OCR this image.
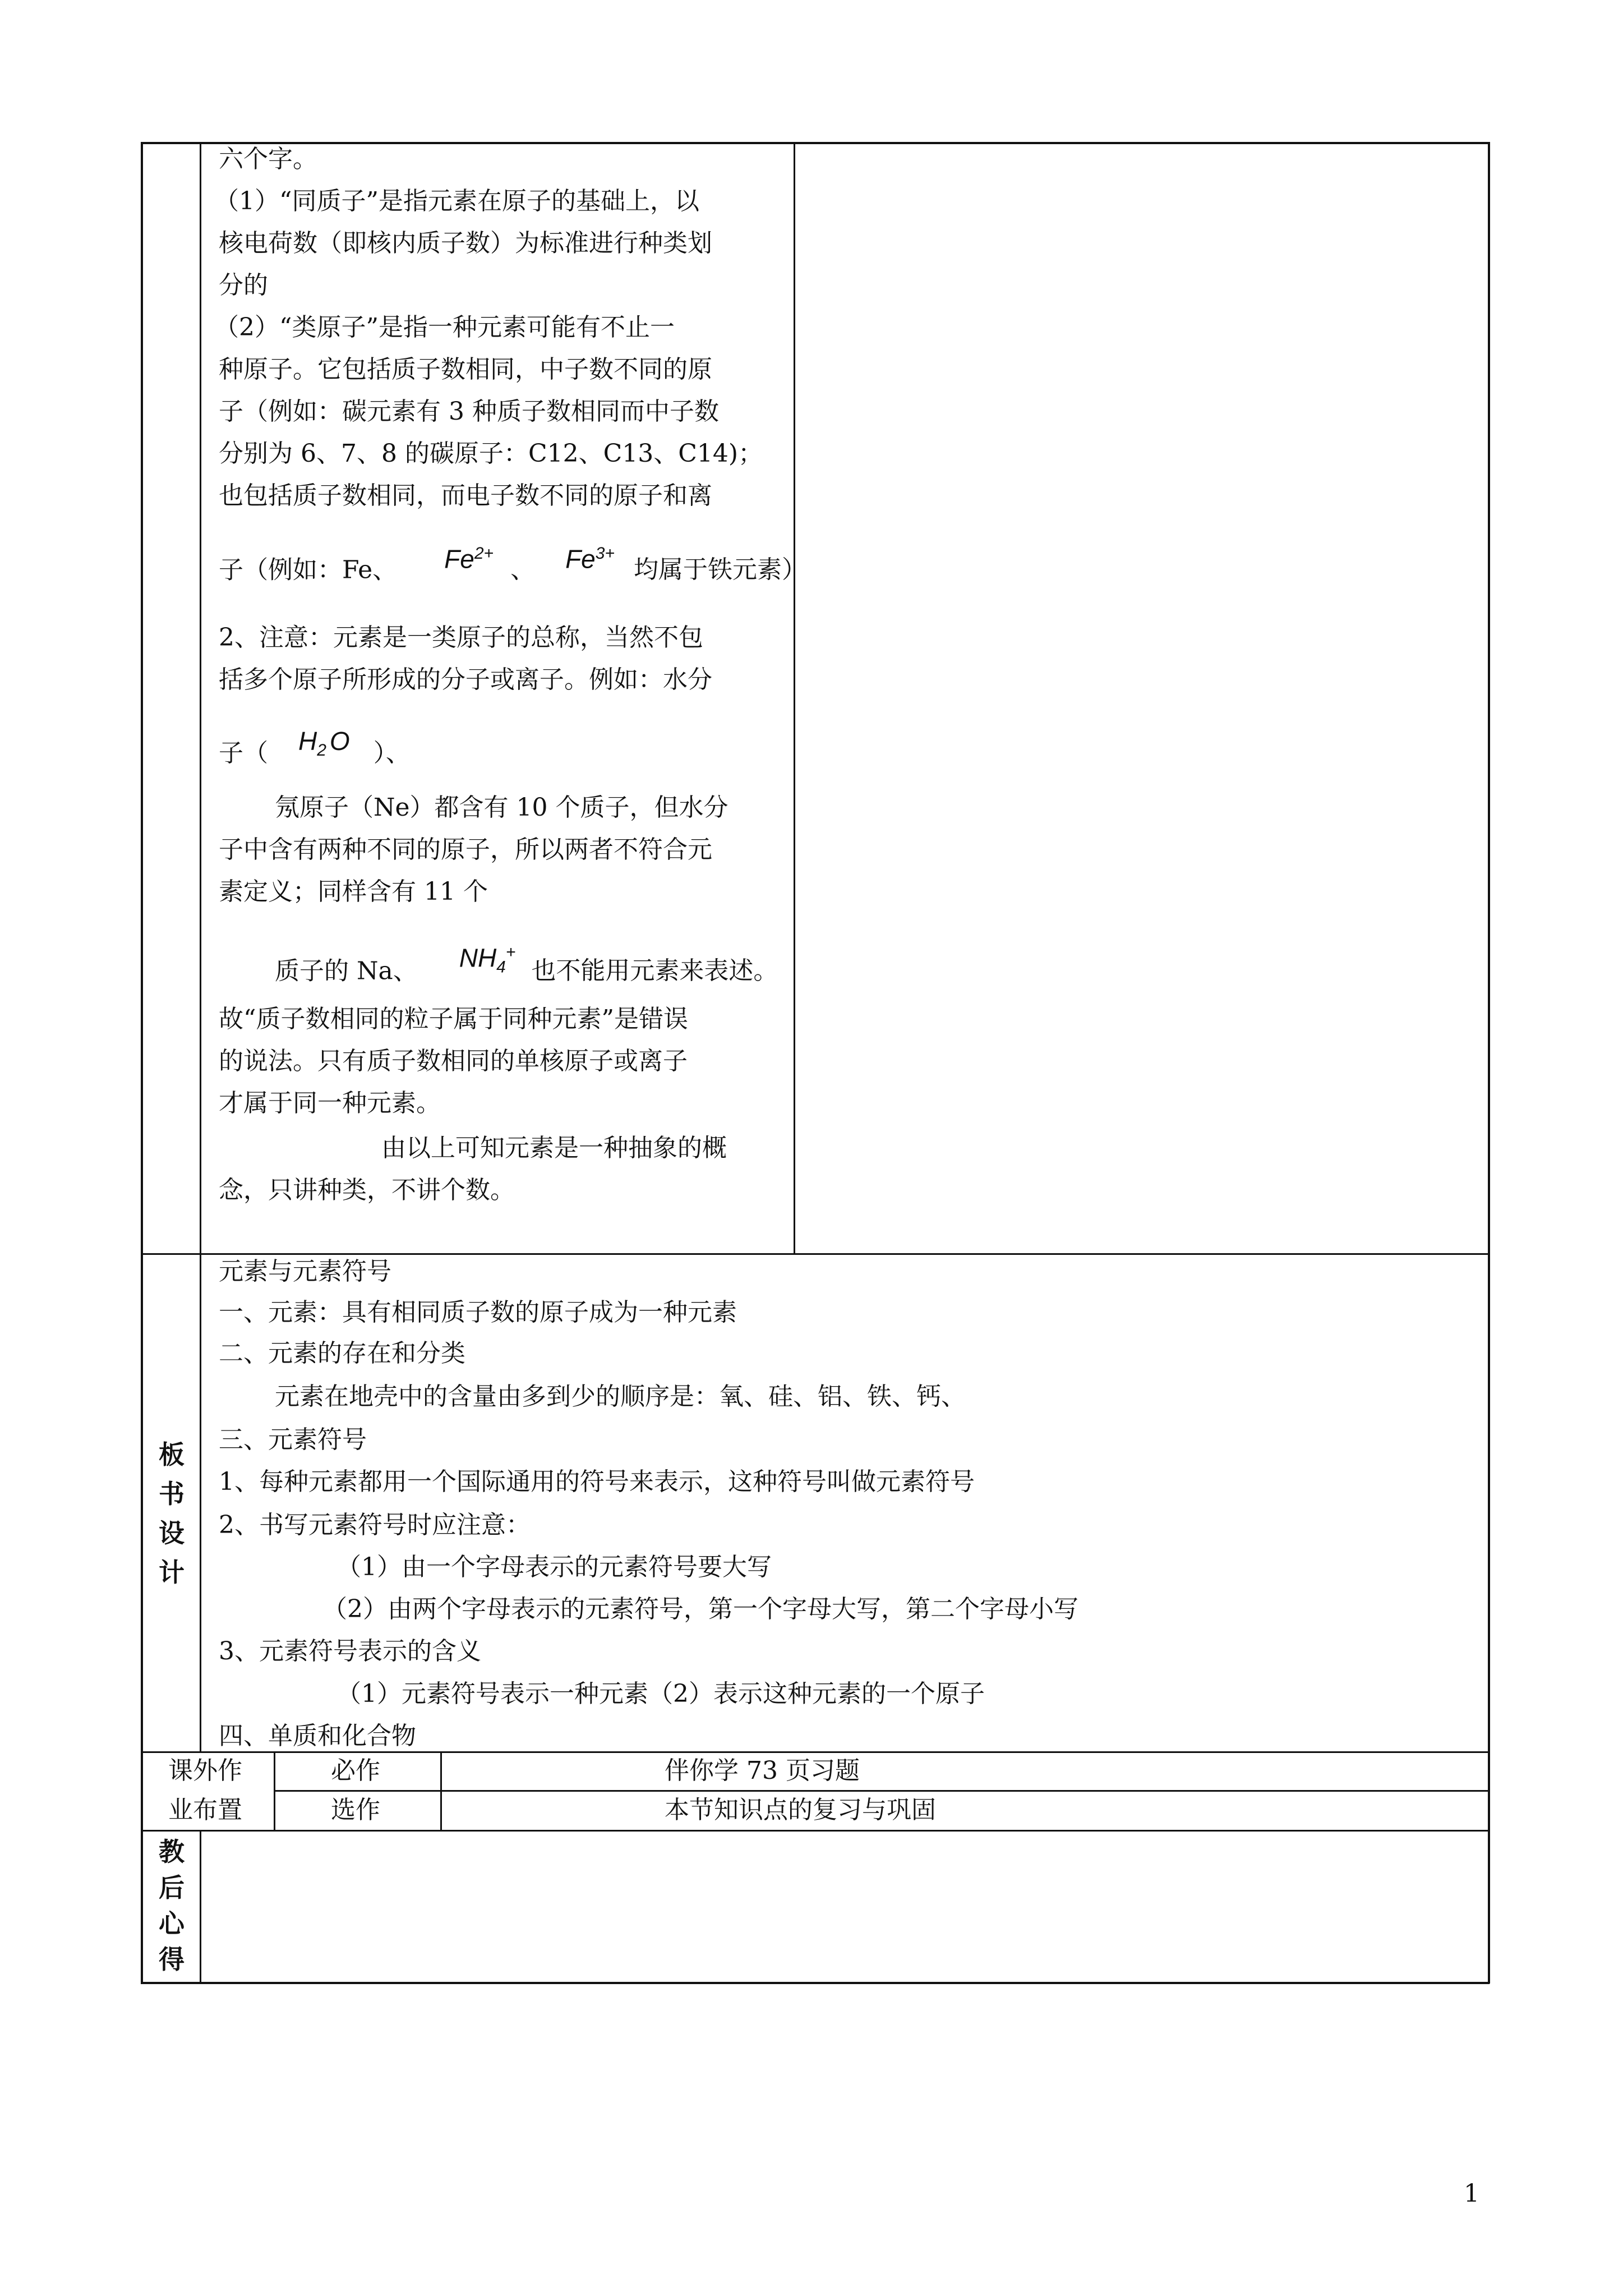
六个字。
（1）“同质子”是指元素在原子的基础上，以
核电荷数（即核内质子数）为标准进行种类划
分的
（2）“类原子”是指一种元素可能有不止一
种原子。它包括质子数相同，中子数不同的原
子（例如：碳元素有 3 种质子数相同而中子数
分别为 6、7、8 的碳原子：C12、C13、C14)；
也包括质子数相同，而电子数不同的原子和离
子（例如：Fe、 $Fe^{2+}$ 、 $Fe^{3+}$ 均属于铁元素）
2、注意：元素是一类原子的总称，当然不包
括多个原子所形成的分子或离子。例如：水分
子（ $H_2$ O ）、
氖原子（Ne）都含有 10 个质子，但水分
子中含有两种不同的原子，所以两者不符合元
素定义；同样含有 11 个
质子的 Na、 $NH_4^+$ 也不能用元素来表述。
故“质子数相同的粒子属于同种元素”是错误
的说法。只有质子数相同的单核原子或离子
才属于同一种元素。
由以上可知元素是一种抽象的概
念，只讲种类，不讲个数。
板
书
设
计
元素与元素符号
一、元素：具有相同质子数的原子成为一种元素
二、元素的存在和分类
元素在地壳中的含量由多到少的顺序是：氧、硅、铝、铁、钙、
三、元素符号
1、每种元素都用一个国际通用的符号来表示，这种符号叫做元素符号
2、书写元素符号时应注意：
（1）由一个字母表示的元素符号要大写
（2）由两个字母表示的元素符号，第一个字母大写，第二个字母小写
3、元素符号表示的含义
（1）元素符号表示一种元素（2）表示这种元素的一个原子
四、单质和化合物
课外作
业布置
必作	伴你学 73 页习题
选作	本节知识点的复习与巩固
教
后
心
得
1
